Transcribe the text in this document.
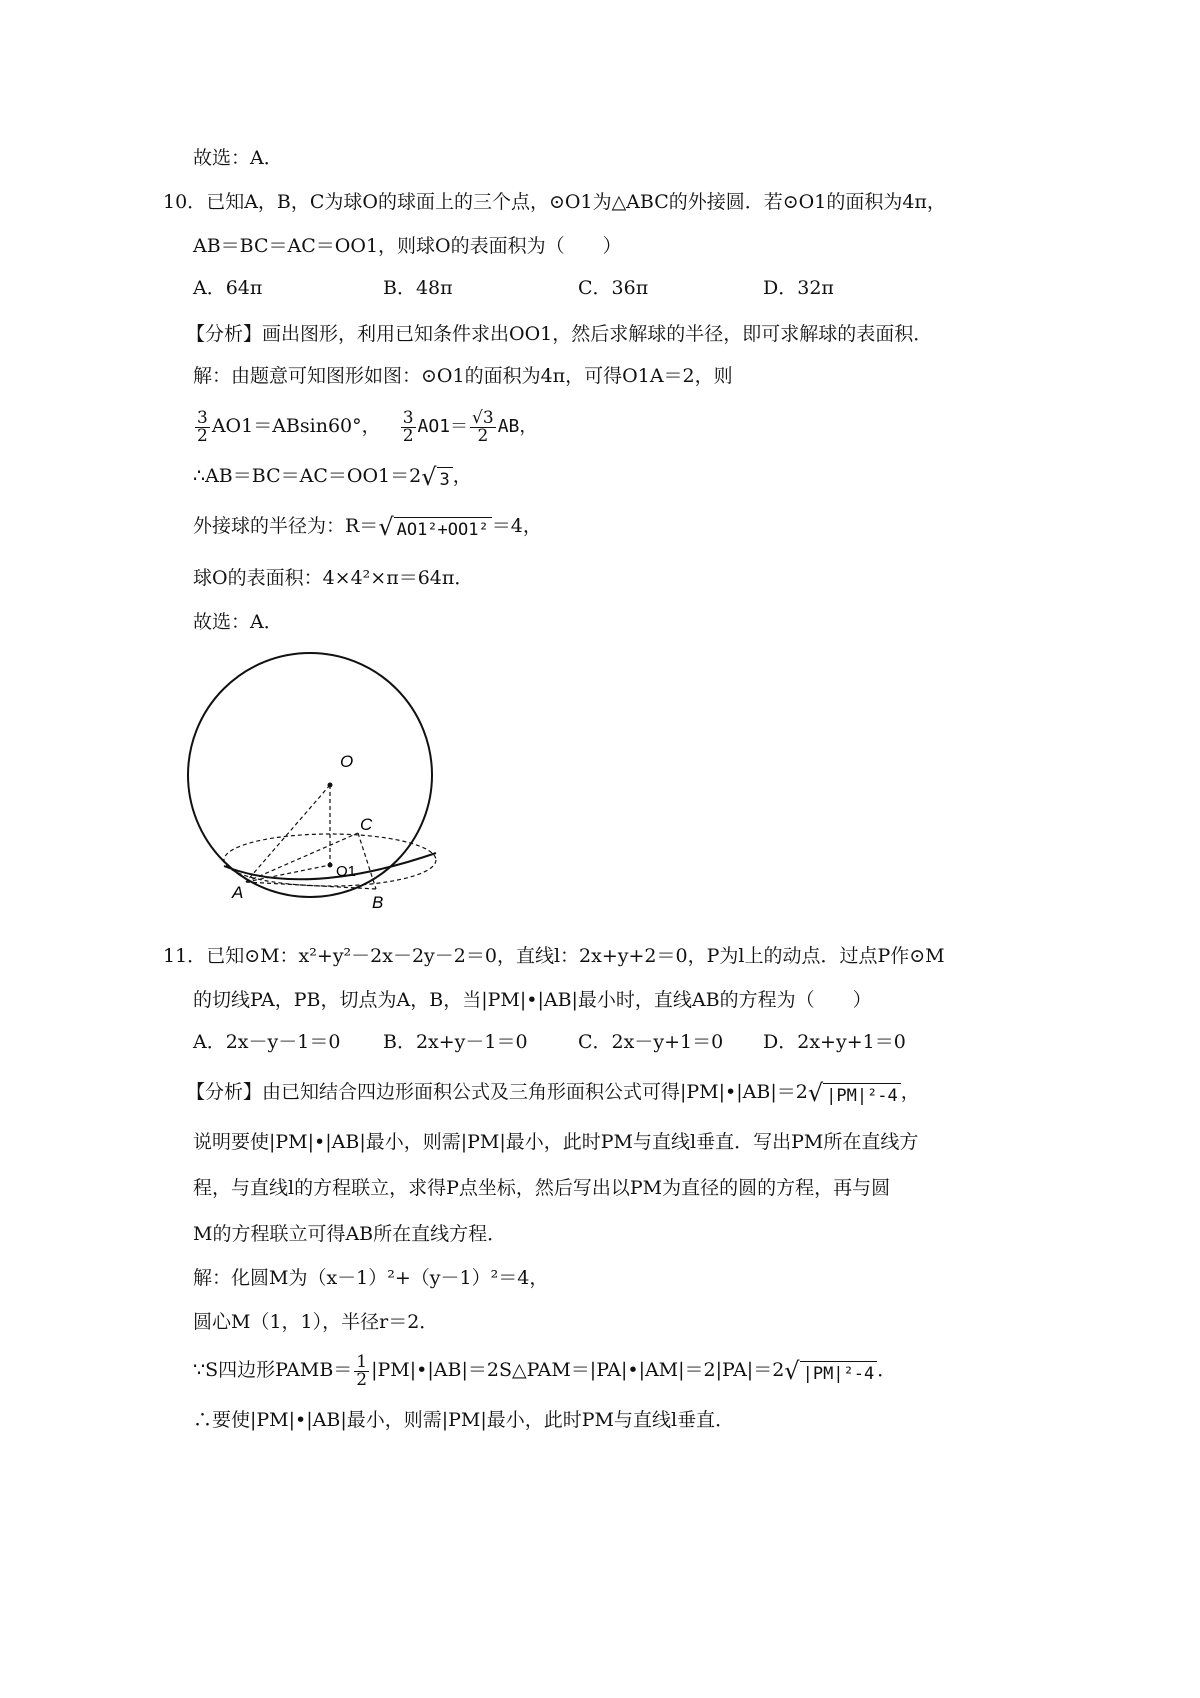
故选：A．
10．已知A，B，C为球O的球面上的三个点，⊙O1为△ABC的外接圆．若⊙O1的面积为4π，
AB＝BC＝AC＝OO1，则球O的表面积为（　　）
A．64π	B．48π	C．36π	D．32π
【分析】画出图形，利用已知条件求出OO1，然后求解球的半径，即可求解球的表面积．
解：由题意可知图形如图：⊙O1的面积为4π，可得O1A＝2，则
$\frac{3}{2} AO1=ABsin60^\circ$， $\frac{3}{2} AO1= \frac{√3}{2}$ AB，
∴AB＝BC＝AC＝OO1＝2√ 3 ，
外接球的半径为：R＝√ AO1²+OO1² ＝4，
球O的表面积：4×4²×π＝64π．
故选：A．
O
C
O1
A
B
11．已知⊙M：x²+y²－2x－2y－2＝0，直线l：2x+y+2＝0，P为l上的动点．过点P作⊙M
的切线PA，PB，切点为A，B，当|PM|•|AB|最小时，直线AB的方程为（　　）
A．2x－y－1＝0 B．2x+y－1＝0	C．2x－y+1＝0 D．2x+y+1＝0
【分析】由已知结合四边形面积公式及三角形面积公式可得|PM|•|AB|＝2√ |PM|²-4 ，
说明要使|PM|•|AB|最小，则需|PM|最小，此时PM与直线l垂直．写出PM所在直线方
程，与直线l的方程联立，求得P点坐标，然后写出以PM为直径的圆的方程，再与圆
M的方程联立可得AB所在直线方程．
解：化圆M为（x－1）²+（y－1）²＝4，
圆心M（1，1），半径r＝2．
∵S四边形PAMB＝ $\frac{1}{2}$ |PM|•|AB|＝2S△PAM＝|PA|•|AM|＝2|PA|＝2√ |PM|²-4 ．
∴要使|PM|•|AB|最小，则需|PM|最小，此时PM与直线l垂直．
